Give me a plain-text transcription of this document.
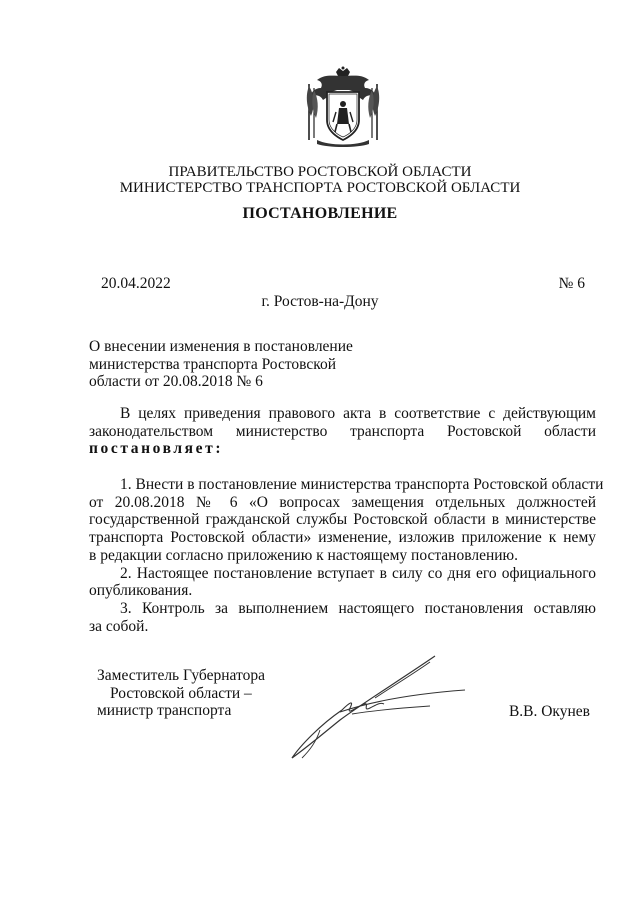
ПРАВИТЕЛЬСТВО РОСТОВСКОЙ ОБЛАСТИ
МИНИСТЕРСТВО ТРАНСПОРТА РОСТОВСКОЙ ОБЛАСТИ
ПОСТАНОВЛЕНИЕ
20.04.2022	№ 6
г. Ростов-на-Дону
О внесении изменения в постановление
министерства транспорта Ростовской
области от 20.08.2018 № 6
В целях приведения правового акта в соответствие с действующим
законодательством министерство транспорта Ростовской области
постановляет:
1. Внести в постановление министерства транспорта Ростовской области
от 20.08.2018 № 6 «О вопросах замещения отдельных должностей
государственной гражданской службы Ростовской области в министерстве
транспорта Ростовской области» изменение, изложив приложение к нему
в редакции согласно приложению к настоящему постановлению.
2. Настоящее постановление вступает в силу со дня его официального
опубликования.
3. Контроль за выполнением настоящего постановления оставляю
за собой.
Заместитель Губернатора
Ростовской области –
министр транспорта	В.В. Окунев
